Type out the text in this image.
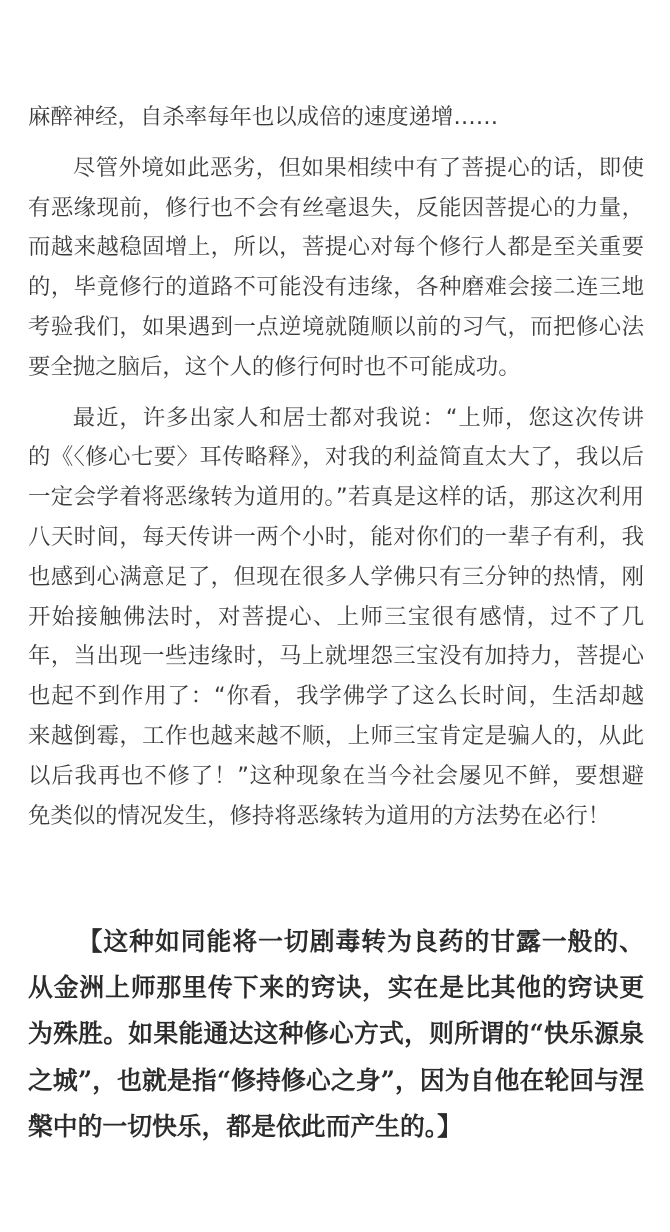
麻醉神经，自杀率每年也以成倍的速度递增……

尽管外境如此恶劣，但如果相续中有了菩提心的话，即使有恶缘现前，修行也不会有丝毫退失，反能因菩提心的力量，而越来越稳固增上，所以，菩提心对每个修行人都是至关重要的，毕竟修行的道路不可能没有违缘，各种磨难会接二连三地考验我们，如果遇到一点逆境就随顺以前的习气，而把修心法要全抛之脑后，这个人的修行何时也不可能成功。

最近，许多出家人和居士都对我说：“上师，您这次传讲的《〈修心七要〉耳传略释》，对我的利益简直太大了，我以后一定会学着将恶缘转为道用的。”若真是这样的话，那这次利用八天时间，每天传讲一两个小时，能对你们的一辈子有利，我也感到心满意足了，但现在很多人学佛只有三分钟的热情，刚开始接触佛法时，对菩提心、上师三宝很有感情，过不了几年，当出现一些违缘时，马上就埋怨三宝没有加持力，菩提心也起不到作用了：“你看，我学佛学了这么长时间，生活却越来越倒霉，工作也越来越不顺，上师三宝肯定是骗人的，从此以后我再也不修了！”这种现象在当今社会屡见不鲜，要想避免类似的情况发生，修持将恶缘转为道用的方法势在必行！

【这种如同能将一切剧毒转为良药的甘露一般的、从金洲上师那里传下来的窍诀，实在是比其他的窍诀更为殊胜。如果能通达这种修心方式，则所谓的“快乐源泉之城”，也就是指“修持修心之身”，因为自他在轮回与涅槃中的一切快乐，都是依此而产生的。】
